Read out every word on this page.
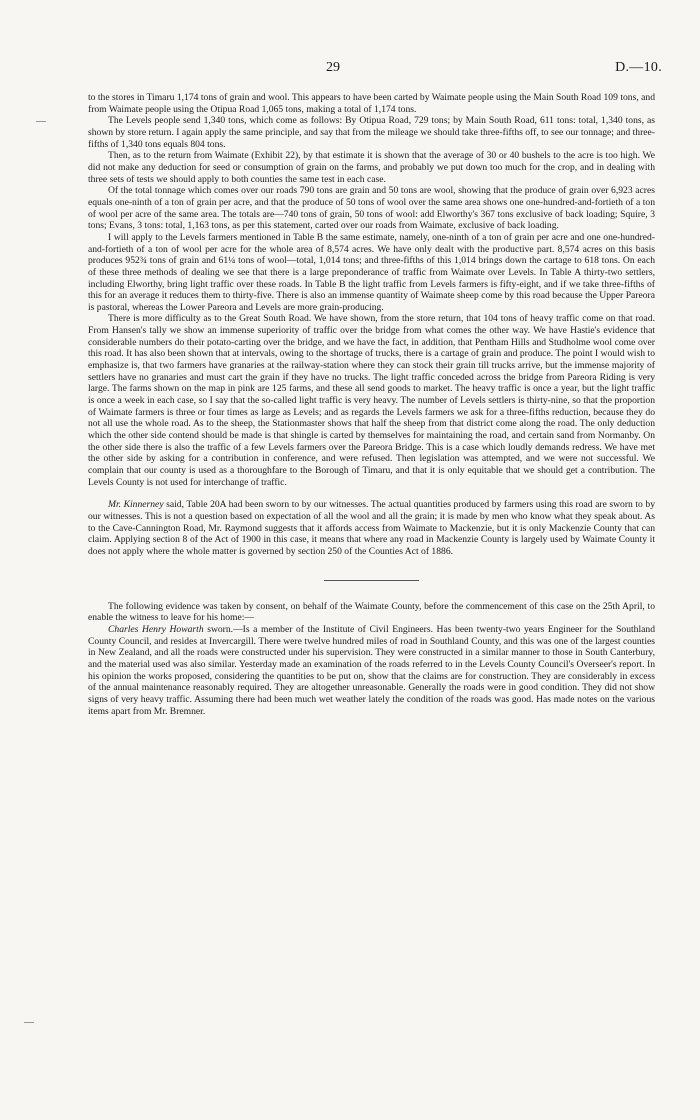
29	D.—10.

to the stores in Timaru 1,174 tons of grain and wool. This appears to have been carted by Waimate people using the Main South Road 109 tons, and from Waimate people using the Otipua Road 1,065 tons, making a total of 1,174 tons.

The Levels people send 1,340 tons, which come as follows: By Otipua Road, 729 tons; by Main South Road, 611 tons: total, 1,340 tons, as shown by store return. I again apply the same principle, and say that from the mileage we should take three-fifths off, to see our tonnage; and three-fifths of 1,340 tons equals 804 tons.

Then, as to the return from Waimate (Exhibit 22), by that estimate it is shown that the average of 30 or 40 bushels to the acre is too high. We did not make any deduction for seed or consumption of grain on the farms, and probably we put down too much for the crop, and in dealing with three sets of tests we should apply to both counties the same test in each case.

Of the total tonnage which comes over our roads 790 tons are grain and 50 tons are wool, showing that the produce of grain over 6,923 acres equals one-ninth of a ton of grain per acre, and that the produce of 50 tons of wool over the same area shows one one-hundred-and-fortieth of a ton of wool per acre of the same area. The totals are—740 tons of grain, 50 tons of wool: add Elworthy's 367 tons exclusive of back loading; Squire, 3 tons; Evans, 3 tons: total, 1,163 tons, as per this statement, carted over our roads from Waimate, exclusive of back loading.

I will apply to the Levels farmers mentioned in Table B the same estimate, namely, one-ninth of a ton of grain per acre and one one-hundred-and-fortieth of a ton of wool per acre for the whole area of 8,574 acres. We have only dealt with the productive part. 8,574 acres on this basis produces 952¾ tons of grain and 61¼ tons of wool—total, 1,014 tons; and three-fifths of this 1,014 brings down the cartage to 618 tons. On each of these three methods of dealing we see that there is a large preponderance of traffic from Waimate over Levels. In Table A thirty-two settlers, including Elworthy, bring light traffic over these roads. In Table B the light traffic from Levels farmers is fifty-eight, and if we take three-fifths of this for an average it reduces them to thirty-five. There is also an immense quantity of Waimate sheep come by this road because the Upper Pareora is pastoral, whereas the Lower Pareora and Levels are more grain-producing.

There is more difficulty as to the Great South Road. We have shown, from the store return, that 104 tons of heavy traffic come on that road. From Hansen's tally we show an immense superiority of traffic over the bridge from what comes the other way. We have Hastie's evidence that considerable numbers do their potato-carting over the bridge, and we have the fact, in addition, that Pentham Hills and Studholme wool come over this road. It has also been shown that at intervals, owing to the shortage of trucks, there is a cartage of grain and produce. The point I would wish to emphasize is, that two farmers have granaries at the railway-station where they can stock their grain till trucks arrive, but the immense majority of settlers have no granaries and must cart the grain if they have no trucks. The light traffic conceded across the bridge from Pareora Riding is very large. The farms shown on the map in pink are 125 farms, and these all send goods to market. The heavy traffic is once a year, but the light traffic is once a week in each case, so I say that the so-called light traffic is very heavy. The number of Levels settlers is thirty-nine, so that the proportion of Waimate farmers is three or four times as large as Levels; and as regards the Levels farmers we ask for a three-fifths reduction, because they do not all use the whole road. As to the sheep, the Stationmaster shows that half the sheep from that district come along the road. The only deduction which the other side contend should be made is that shingle is carted by themselves for maintaining the road, and certain sand from Normanby. On the other side there is also the traffic of a few Levels farmers over the Pareora Bridge. This is a case which loudly demands redress. We have met the other side by asking for a contribution in conference, and were refused. Then legislation was attempted, and we were not successful. We complain that our county is used as a thoroughfare to the Borough of Timaru, and that it is only equitable that we should get a contribution. The Levels County is not used for interchange of traffic.

Mr. Kinnerney said, Table 20A had been sworn to by our witnesses. The actual quantities produced by farmers using this road are sworn to by our witnesses. This is not a question based on expectation of all the wool and all the grain; it is made by men who know what they speak about. As to the Cave-Cannington Road, Mr. Raymond suggests that it affords access from Waimate to Mackenzie, but it is only Mackenzie County that can claim. Applying section 8 of the Act of 1900 in this case, it means that where any road in Mackenzie County is largely used by Waimate County it does not apply where the whole matter is governed by section 250 of the Counties Act of 1886.

The following evidence was taken by consent, on behalf of the Waimate County, before the commencement of this case on the 25th April, to enable the witness to leave for his home:—

Charles Henry Howarth sworn.—Is a member of the Institute of Civil Engineers. Has been twenty-two years Engineer for the Southland County Council, and resides at Invercargill. There were twelve hundred miles of road in Southland County, and this was one of the largest counties in New Zealand, and all the roads were constructed under his supervision. They were constructed in a similar manner to those in South Canterbury, and the material used was also similar. Yesterday made an examination of the roads referred to in the Levels County Council's Overseer's report. In his opinion the works proposed, considering the quantities to be put on, show that the claims are for construction. They are considerably in excess of the annual maintenance reasonably required. They are altogether unreasonable. Generally the roads were in good condition. They did not show signs of very heavy traffic. Assuming there had been much wet weather lately the condition of the roads was good. Has made notes on the various items apart from Mr. Bremner.
